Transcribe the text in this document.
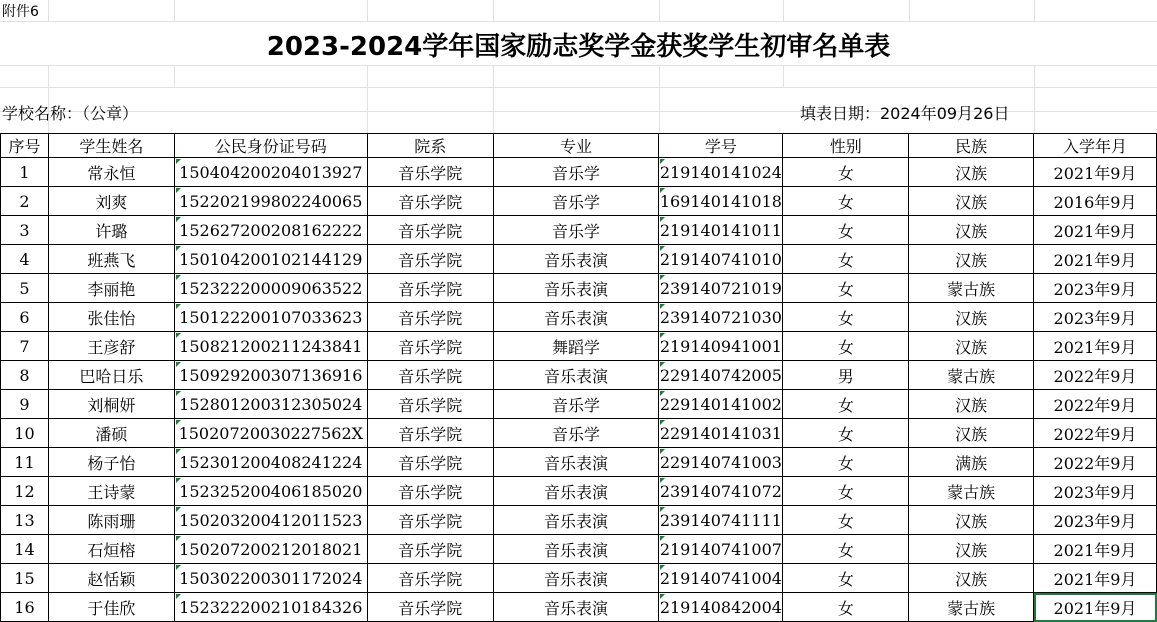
附件6
2023-2024学年国家励志奖学金获奖学生初审名单表
学校名称：（公章）	填表日期：2024年09月26日
序号	学生姓名	公民身份证号码	院系	专业	学号	性别	民族	入学年月
1	常永恒	150404200204013927	音乐学院	音乐学	219140141024	女	汉族	2021年9月
2	刘爽	152202199802240065	音乐学院	音乐学	169140141018	女	汉族	2016年9月
3	许璐	152627200208162222	音乐学院	音乐学	219140141011	女	汉族	2021年9月
4	班燕飞	150104200102144129	音乐学院	音乐表演	219140741010	女	汉族	2021年9月
5	李丽艳	152322200009063522	音乐学院	音乐表演	239140721019	女	蒙古族	2023年9月
6	张佳怡	150122200107033623	音乐学院	音乐表演	239140721030	女	汉族	2023年9月
7	王彦舒	150821200211243841	音乐学院	舞蹈学	219140941001	女	汉族	2021年9月
8	巴哈日乐	150929200307136916	音乐学院	音乐表演	229140742005	男	蒙古族	2022年9月
9	刘桐妍	152801200312305024	音乐学院	音乐学	229140141002	女	汉族	2022年9月
10	潘硕	15020720030227562X	音乐学院	音乐学	229140141031	女	汉族	2022年9月
11	杨子怡	152301200408241224	音乐学院	音乐表演	229140741003	女	满族	2022年9月
12	王诗蒙	152325200406185020	音乐学院	音乐表演	239140741072	女	蒙古族	2023年9月
13	陈雨珊	150203200412011523	音乐学院	音乐表演	239140741111	女	汉族	2023年9月
14	石烜榕	150207200212018021	音乐学院	音乐表演	219140741007	女	汉族	2021年9月
15	赵恬颖	150302200301172024	音乐学院	音乐表演	219140741004	女	汉族	2021年9月
16	于佳欣	152322200210184326	音乐学院	音乐表演	219140842004	女	蒙古族	2021年9月
